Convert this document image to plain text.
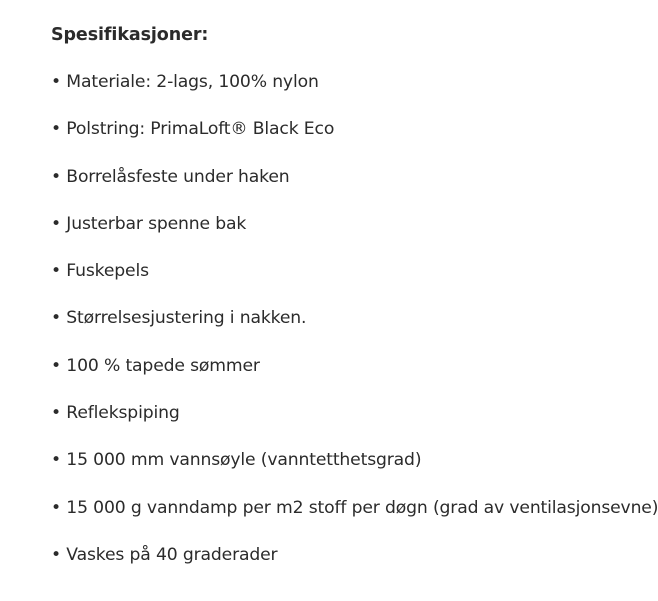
Spesifikasjoner:
• Materiale: 2-lags, 100% nylon
• Polstring: PrimaLoft® Black Eco
• Borrelåsfeste under haken
• Justerbar spenne bak
• Fuskepels
• Størrelsesjustering i nakken.
• 100 % tapede sømmer
• Reflekspiping
• 15 000 mm vannsøyle (vanntetthetsgrad)
• 15 000 g vanndamp per m2 stoff per døgn (grad av ventilasjonsevne)
• Vaskes på 40 graderader
